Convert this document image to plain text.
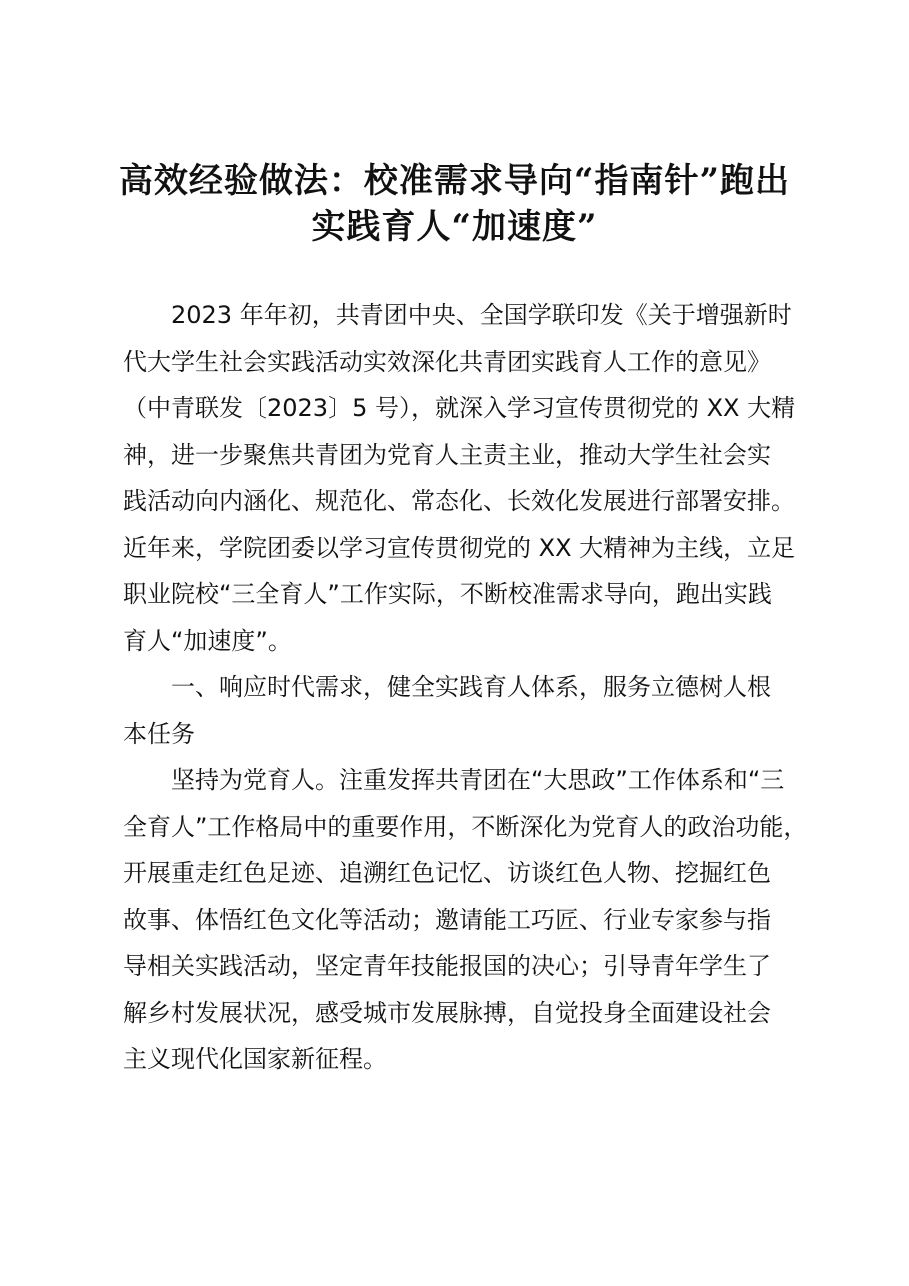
高效经验做法：校准需求导向“指南针”跑出
实践育人“加速度”
2023 年年初，共青团中央、全国学联印发《关于增强新时
代大学生社会实践活动实效深化共青团实践育人工作的意见》
（中青联发〔2023〕5 号），就深入学习宣传贯彻党的 XX 大精
神，进一步聚焦共青团为党育人主责主业，推动大学生社会实
践活动向内涵化、规范化、常态化、长效化发展进行部署安排。
近年来，学院团委以学习宣传贯彻党的 XX 大精神为主线，立足
职业院校“三全育人”工作实际，不断校准需求导向，跑出实践
育人“加速度”。
一、响应时代需求，健全实践育人体系，服务立德树人根
本任务
坚持为党育人。注重发挥共青团在“大思政”工作体系和“三
全育人”工作格局中的重要作用，不断深化为党育人的政治功能，
开展重走红色足迹、追溯红色记忆、访谈红色人物、挖掘红色
故事、体悟红色文化等活动；邀请能工巧匠、行业专家参与指
导相关实践活动，坚定青年技能报国的决心；引导青年学生了
解乡村发展状况，感受城市发展脉搏，自觉投身全面建设社会
主义现代化国家新征程。
